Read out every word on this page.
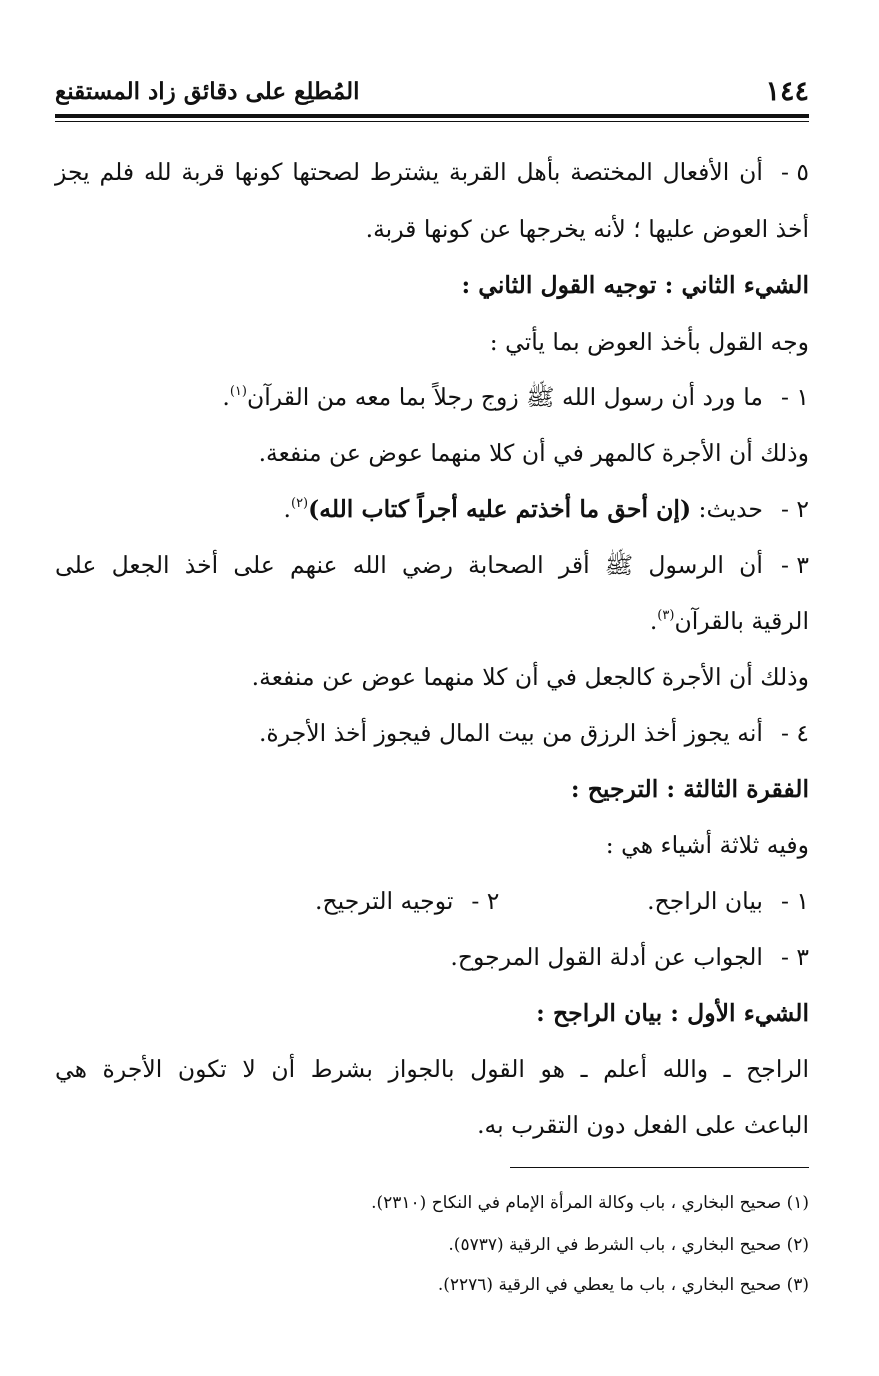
١٤٤
المُطلِع على دقائق زاد المستقنع
٥ -أن الأفعال المختصة بأهل القربة يشترط لصحتها كونها قربة لله فلم يجز
أخذ العوض عليها ؛ لأنه يخرجها عن كونها قربة.
الشيء الثاني : توجيه القول الثاني :
وجه القول بأخذ العوض بما يأتي :
١ -ما ورد أن رسول الله ﷺ زوج رجلاً بما معه من القرآن$^{(١)}$.
وذلك أن الأجرة كالمهر في أن كلا منهما عوض عن منفعة.
٢ -حديث: (إن أحق ما أخذتم عليه أجراً كتاب الله)$^{(٢)}$.
٣ -أن الرسول ﷺ أقر الصحابة رضي الله عنهم على أخذ الجعل على
الرقية بالقرآن$^{(٣)}$.
وذلك أن الأجرة كالجعل في أن كلا منهما عوض عن منفعة.
٤ -أنه يجوز أخذ الرزق من بيت المال فيجوز أخذ الأجرة.
الفقرة الثالثة : الترجيح :
وفيه ثلاثة أشياء هي :
١ -بيان الراجح.
٢ -توجيه الترجيح.
٣ -الجواب عن أدلة القول المرجوح.
الشيء الأول : بيان الراجح :
الراجح ـ والله أعلم ـ هو القول بالجواز بشرط أن لا تكون الأجرة هي
الباعث على الفعل دون التقرب به.
(١) صحيح البخاري ، باب وكالة المرأة الإمام في النكاح (٢٣١٠).
(٢) صحيح البخاري ، باب الشرط في الرقية (٥٧٣٧).
(٣) صحيح البخاري ، باب ما يعطي في الرقية (٢٢٧٦).
